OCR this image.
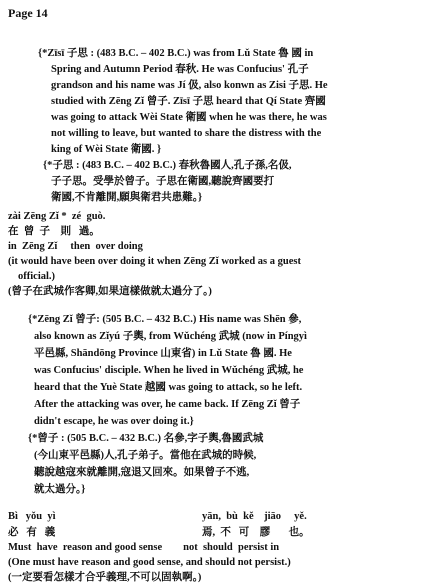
Page 14
{*Zīsī 子思 : (483 B.C. – 402 B.C.) was from Lǔ State 魯 國 in
Spring and Autumn Period 春秋. He was Confucius' 孔子
grandson and his name was Jí 伋, also konwn as Zisi 子思. He
studied with Zēng Zǐ 曾子. Zīsī 子思 heard that Qí State 齊國
was going to attack Wèi State 衛國 when he was there, he was
not willing to leave, but wanted to share the distress with the
king of Wèi State 衛國. }
{*子思 : (483 B.C. – 402 B.C.) 春秋魯國人,孔子孫,名伋,
子子思。受學於曾子。子思在衛國,聽說齊國要打
衛國,不肯離開,願與衛君共患難。}
zài Zēng Zǐ *  zé  guò.
在  曾  子    則   過。
in  Zēng Zǐ     then  over doing
(it would have been over doing it when Zēng Zǐ worked as a guest
official.)
(曾子在武城作客卿,如果這樣做就太過分了。)
{*Zēng Zǐ 曾子: (505 B.C. – 432 B.C.) His name was Shēn 參,
also known as Zǐyú 子輿, from Wǔchéng 武城 (now in Píngyì
平邑縣, Shāndōng Province 山東省) in Lǔ State 魯 國. He
was Confucius' disciple. When he lived in Wǔchéng 武城, he
heard that the Yuè State 越國 was going to attack, so he left.
After the attacking was over, he came back. If Zēng Zǐ 曾子
didn't escape, he was over doing it.}
{*曾子 : (505 B.C. – 432 B.C.) 名參,字子輿,魯國武城
(今山東平邑縣)人,孔子弟子。當他在武城的時候,
聽說越寇來就離開,寇退又回來。如果曾子不逃,
就太過分。}
Bì   yǒu  yì	yān,  bù  kě    jiāo     yě.
必   有   義	焉,  不   可    膠       也。
Must  have  reason and good sense        not  should  persist in
(One must have reason and good sense, and should not persist.)
(一定要看怎樣才合乎義理,不可以固執啊。)
